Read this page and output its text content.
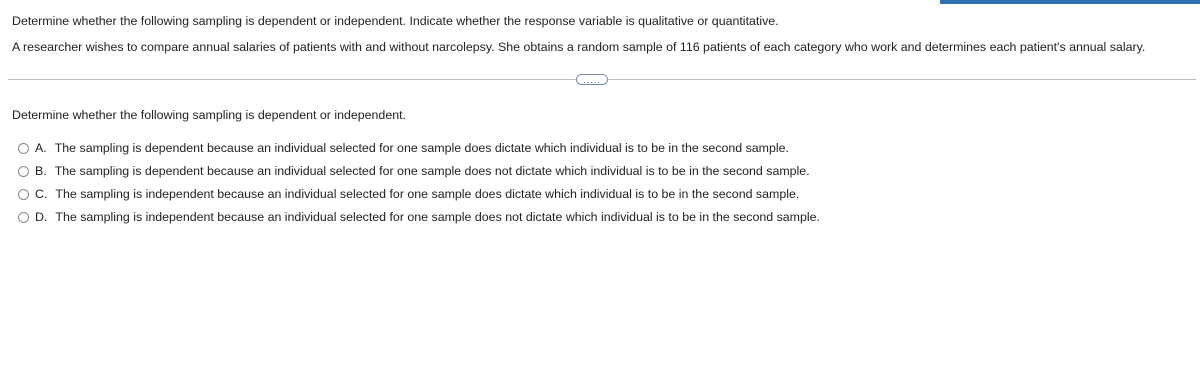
Determine whether the following sampling is dependent or independent. Indicate whether the response variable is qualitative or quantitative.
A researcher wishes to compare annual salaries of patients with and without narcolepsy. She obtains a random sample of 116 patients of each category who work and determines each patient's annual salary.
.....
Determine whether the following sampling is dependent or independent.
A. The sampling is dependent because an individual selected for one sample does dictate which individual is to be in the second sample.
B. The sampling is dependent because an individual selected for one sample does not dictate which individual is to be in the second sample.
C. The sampling is independent because an individual selected for one sample does dictate which individual is to be in the second sample.
D. The sampling is independent because an individual selected for one sample does not dictate which individual is to be in the second sample.
